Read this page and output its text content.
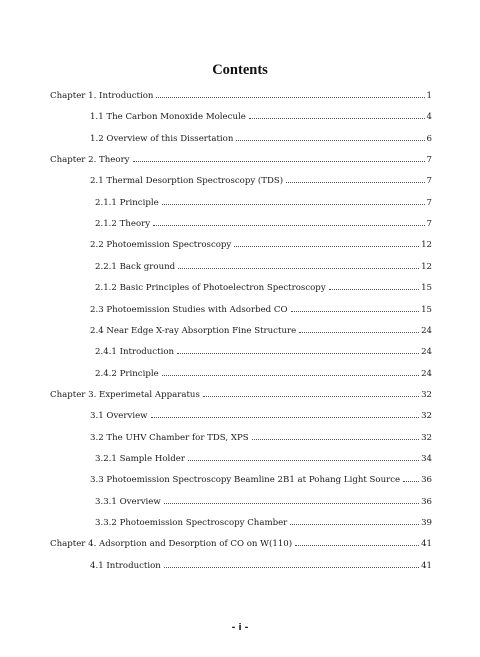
Contents
Chapter 1. Introduction	1
1.1 The Carbon Monoxide Molecule	4
1.2 Overview of this Dissertation	6
Chapter 2. Theory	7
2.1 Thermal Desorption Spectroscopy (TDS)	7
2.1.1 Principle	7
2.1.2 Theory	7
2.2 Photoemission Spectroscopy	12
2.2.1 Back ground	12
2.1.2 Basic Principles of Photoelectron Spectroscopy	15
2.3 Photoemission Studies with Adsorbed CO	15
2.4 Near Edge X-ray Absorption Fine Structure	24
2.4.1 Introduction	24
2.4.2 Principle	24
Chapter 3. Experimetal Apparatus	32
3.1 Overview	32
3.2 The UHV Chamber for TDS, XPS	32
3.2.1 Sample Holder	34
3.3 Photoemission Spectroscopy Beamline 2B1 at Pohang Light Source 36
3.3.1 Overview	36
3.3.2 Photoemission Spectroscopy Chamber	39
Chapter 4. Adsorption and Desorption of CO on W(110)	41
4.1 Introduction	41
- i -
